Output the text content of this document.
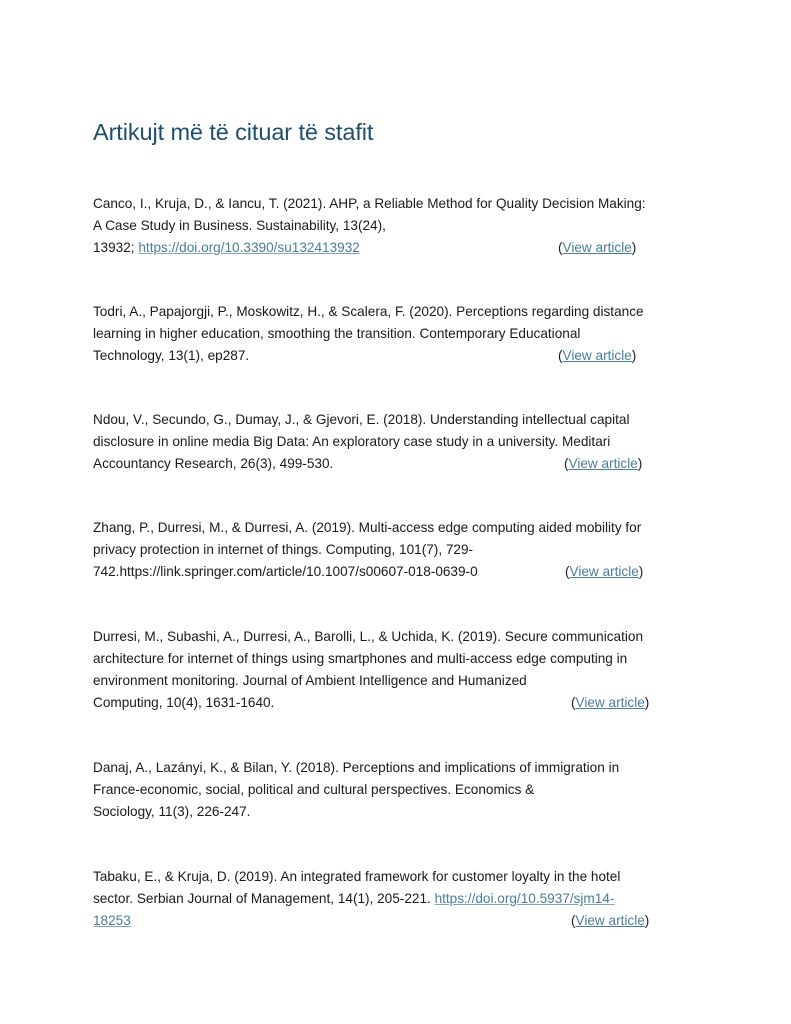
Artikujt më të cituar të stafit
Canco, I., Kruja, D., & Iancu, T. (2021). AHP, a Reliable Method for Quality Decision Making:
A Case Study in Business. Sustainability, 13(24),
13932; https://doi.org/10.3390/su132413932	(View article)
Todri, A., Papajorgji, P., Moskowitz, H., & Scalera, F. (2020). Perceptions regarding distance
learning in higher education, smoothing the transition. Contemporary Educational
Technology, 13(1), ep287.	(View article)
Ndou, V., Secundo, G., Dumay, J., & Gjevori, E. (2018). Understanding intellectual capital
disclosure in online media Big Data: An exploratory case study in a university. Meditari
Accountancy Research, 26(3), 499-530.	(View article)
Zhang, P., Durresi, M., & Durresi, A. (2019). Multi-access edge computing aided mobility for
privacy protection in internet of things. Computing, 101(7), 729-
742.https://link.springer.com/article/10.1007/s00607-018-0639-0	(View article)
Durresi, M., Subashi, A., Durresi, A., Barolli, L., & Uchida, K. (2019). Secure communication
architecture for internet of things using smartphones and multi-access edge computing in
environment monitoring. Journal of Ambient Intelligence and Humanized
Computing, 10(4), 1631-1640.	(View article)
Danaj, A., Lazányi, K., & Bilan, Y. (2018). Perceptions and implications of immigration in
France-economic, social, political and cultural perspectives. Economics &
Sociology, 11(3), 226-247.
Tabaku, E., & Kruja, D. (2019). An integrated framework for customer loyalty in the hotel
sector. Serbian Journal of Management, 14(1), 205-221. https://doi.org/10.5937/sjm14-
18253	(View article)
